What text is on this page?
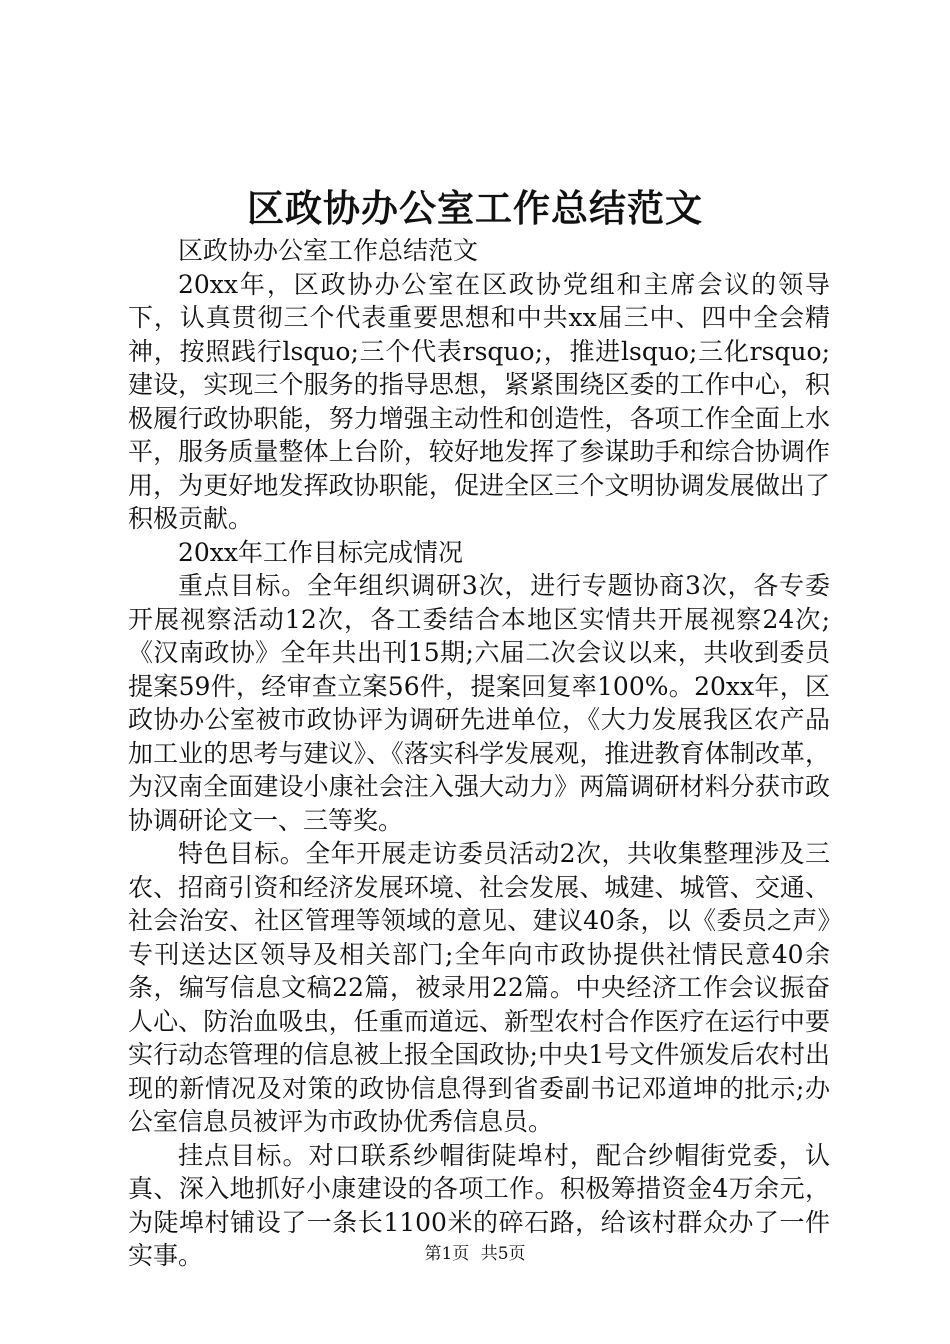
区政协办公室工作总结范文

区政协办公室工作总结范文

20xx年，区政协办公室在区政协党组和主席会议的领导下，认真贯彻三个代表重要思想和中共xx届三中、四中全会精神，按照践行lsquo;三个代表rsquo;，推进lsquo;三化rsquo;建设，实现三个服务的指导思想，紧紧围绕区委的工作中心，积极履行政协职能，努力增强主动性和创造性，各项工作全面上水平，服务质量整体上台阶，较好地发挥了参谋助手和综合协调作用，为更好地发挥政协职能，促进全区三个文明协调发展做出了积极贡献。

20xx年工作目标完成情况

重点目标。全年组织调研3次，进行专题协商3次，各专委开展视察活动12次，各工委结合本地区实情共开展视察24次;《汉南政协》全年共出刊15期;六届二次会议以来，共收到委员提案59件，经审查立案56件，提案回复率100%。20xx年，区政协办公室被市政协评为调研先进单位，《大力发展我区农产品加工业的思考与建议》、《落实科学发展观，推进教育体制改革，为汉南全面建设小康社会注入强大动力》两篇调研材料分获市政协调研论文一、三等奖。

特色目标。全年开展走访委员活动2次，共收集整理涉及三农、招商引资和经济发展环境、社会发展、城建、城管、交通、社会治安、社区管理等领域的意见、建议40条，以《委员之声》专刊送达区领导及相关部门;全年向市政协提供社情民意40余条，编写信息文稿22篇，被录用22篇。中央经济工作会议振奋人心、防治血吸虫，任重而道远、新型农村合作医疗在运行中要实行动态管理的信息被上报全国政协;中央1号文件颁发后农村出现的新情况及对策的政协信息得到省委副书记邓道坤的批示;办公室信息员被评为市政协优秀信息员。

挂点目标。对口联系纱帽街陡埠村，配合纱帽街党委，认真、深入地抓好小康建设的各项工作。积极筹措资金4万余元，为陡埠村铺设了一条长1100米的碎石路，给该村群众办了一件实事。	第1页 共5页
